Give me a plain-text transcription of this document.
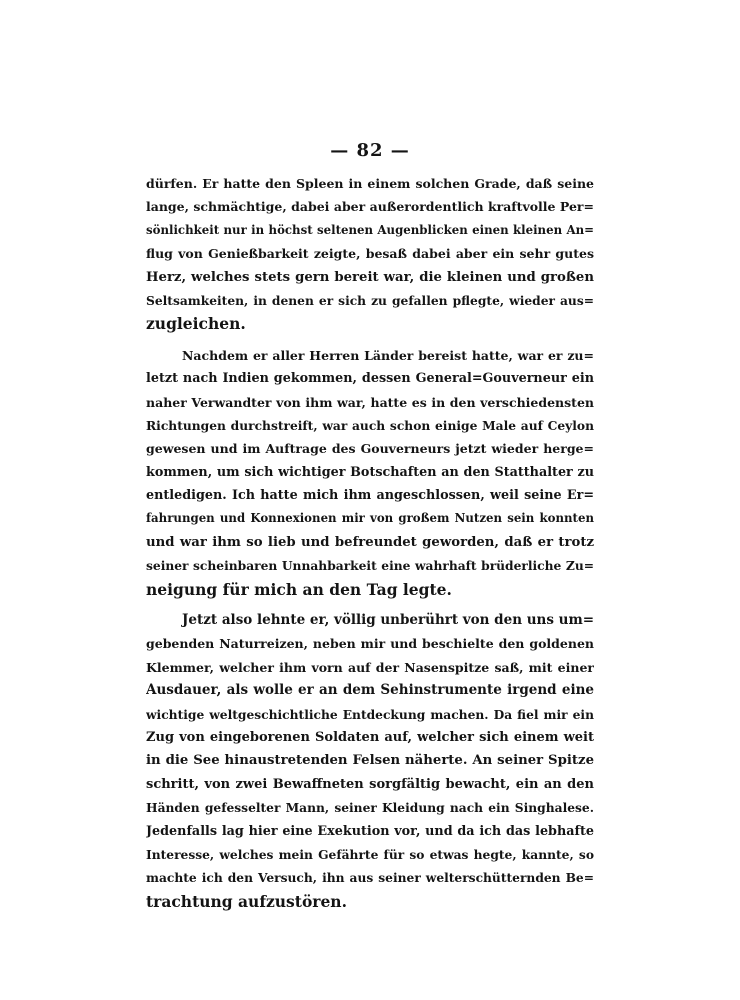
— 82 —
dürfen. Er hatte den Spleen in einem solchen Grade, daß seine
lange, schmächtige, dabei aber außerordentlich kraftvolle Per=
sönlichkeit nur in höchst seltenen Augenblicken einen kleinen An=
flug von Genießbarkeit zeigte, besaß dabei aber ein sehr gutes
Herz, welches stets gern bereit war, die kleinen und großen
Seltsamkeiten, in denen er sich zu gefallen pflegte, wieder aus=
zugleichen.
Nachdem er aller Herren Länder bereist hatte, war er zu=
letzt nach Indien gekommen, dessen General=Gouverneur ein
naher Verwandter von ihm war, hatte es in den verschiedensten
Richtungen durchstreift, war auch schon einige Male auf Ceylon
gewesen und im Auftrage des Gouverneurs jetzt wieder herge=
kommen, um sich wichtiger Botschaften an den Statthalter zu
entledigen. Ich hatte mich ihm angeschlossen, weil seine Er=
fahrungen und Konnexionen mir von großem Nutzen sein konnten
und war ihm so lieb und befreundet geworden, daß er trotz
seiner scheinbaren Unnahbarkeit eine wahrhaft brüderliche Zu=
neigung für mich an den Tag legte.
Jetzt also lehnte er, völlig unberührt von den uns um=
gebenden Naturreizen, neben mir und beschielte den goldenen
Klemmer, welcher ihm vorn auf der Nasenspitze saß, mit einer
Ausdauer, als wolle er an dem Sehinstrumente irgend eine
wichtige weltgeschichtliche Entdeckung machen. Da fiel mir ein
Zug von eingeborenen Soldaten auf, welcher sich einem weit
in die See hinaustretenden Felsen näherte. An seiner Spitze
schritt, von zwei Bewaffneten sorgfältig bewacht, ein an den
Händen gefesselter Mann, seiner Kleidung nach ein Singhalese.
Jedenfalls lag hier eine Exekution vor, und da ich das lebhafte
Interesse, welches mein Gefährte für so etwas hegte, kannte, so
machte ich den Versuch, ihn aus seiner welterschütternden Be=
trachtung aufzustören.
